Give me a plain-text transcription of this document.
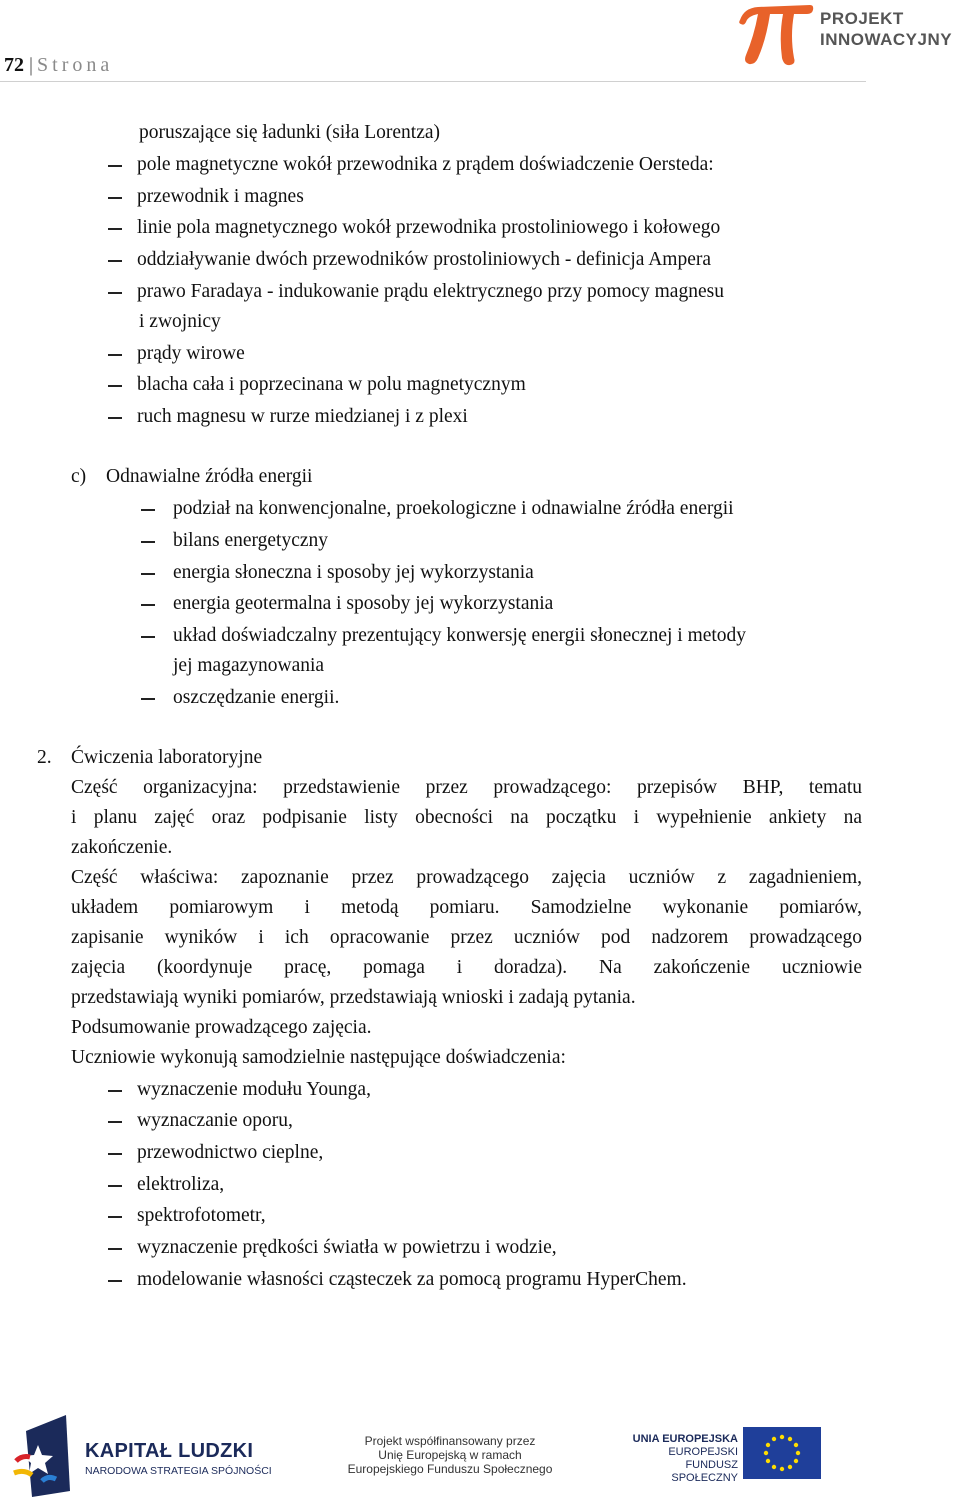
72 | Strona
PROJEKT
INNOWACYJNY
poruszające się ładunki (siła Lorentza)
pole magnetyczne wokół przewodnika z prądem doświadczenie Oersteda:
przewodnik i magnes
linie pola magnetycznego wokół przewodnika prostoliniowego i kołowego
oddziaływanie dwóch przewodników prostoliniowych - definicja Ampera
prawo Faradaya - indukowanie prądu elektrycznego przy pomocy magnesu
i zwojnicy
prądy wirowe
blacha cała i poprzecinana w polu magnetycznym
ruch magnesu w rurze miedzianej i z plexi
c) Odnawialne źródła energii
podział na konwencjonalne, proekologiczne i odnawialne źródła energii
bilans energetyczny
energia słoneczna i sposoby jej wykorzystania
energia geotermalna i sposoby jej wykorzystania
układ doświadczalny prezentujący konwersję energii słonecznej i metody
jej magazynowania
oszczędzanie energii.
2. Ćwiczenia laboratoryjne
Część organizacyjna: przedstawienie przez prowadzącego: przepisów BHP, tematu
i planu zajęć oraz podpisanie listy obecności na początku i wypełnienie ankiety na
zakończenie.
Część właściwa: zapoznanie przez prowadzącego zajęcia uczniów z zagadnieniem,
układem pomiarowym i metodą pomiaru. Samodzielne wykonanie pomiarów,
zapisanie wyników i ich opracowanie przez uczniów pod nadzorem prowadzącego
zajęcia (koordynuje pracę, pomaga i doradza). Na zakończenie uczniowie
przedstawiają wyniki pomiarów, przedstawiają wnioski i zadają pytania.
Podsumowanie prowadzącego zajęcia.
Uczniowie wykonują samodzielnie następujące doświadczenia:
wyznaczenie modułu Younga,
wyznaczanie oporu,
przewodnictwo cieplne,
elektroliza,
spektrofotometr,
wyznaczenie prędkości światła w powietrzu i wodzie,
modelowanie własności cząsteczek za pomocą programu HyperChem.
KAPITAŁ LUDZKI
NARODOWA STRATEGIA SPÓJNOŚCI
Projekt współfinansowany przez
Unię Europejską w ramach
Europejskiego Funduszu Społecznego
UNIA EUROPEJSKA
EUROPEJSKI
FUNDUSZ SPOŁECZNY
